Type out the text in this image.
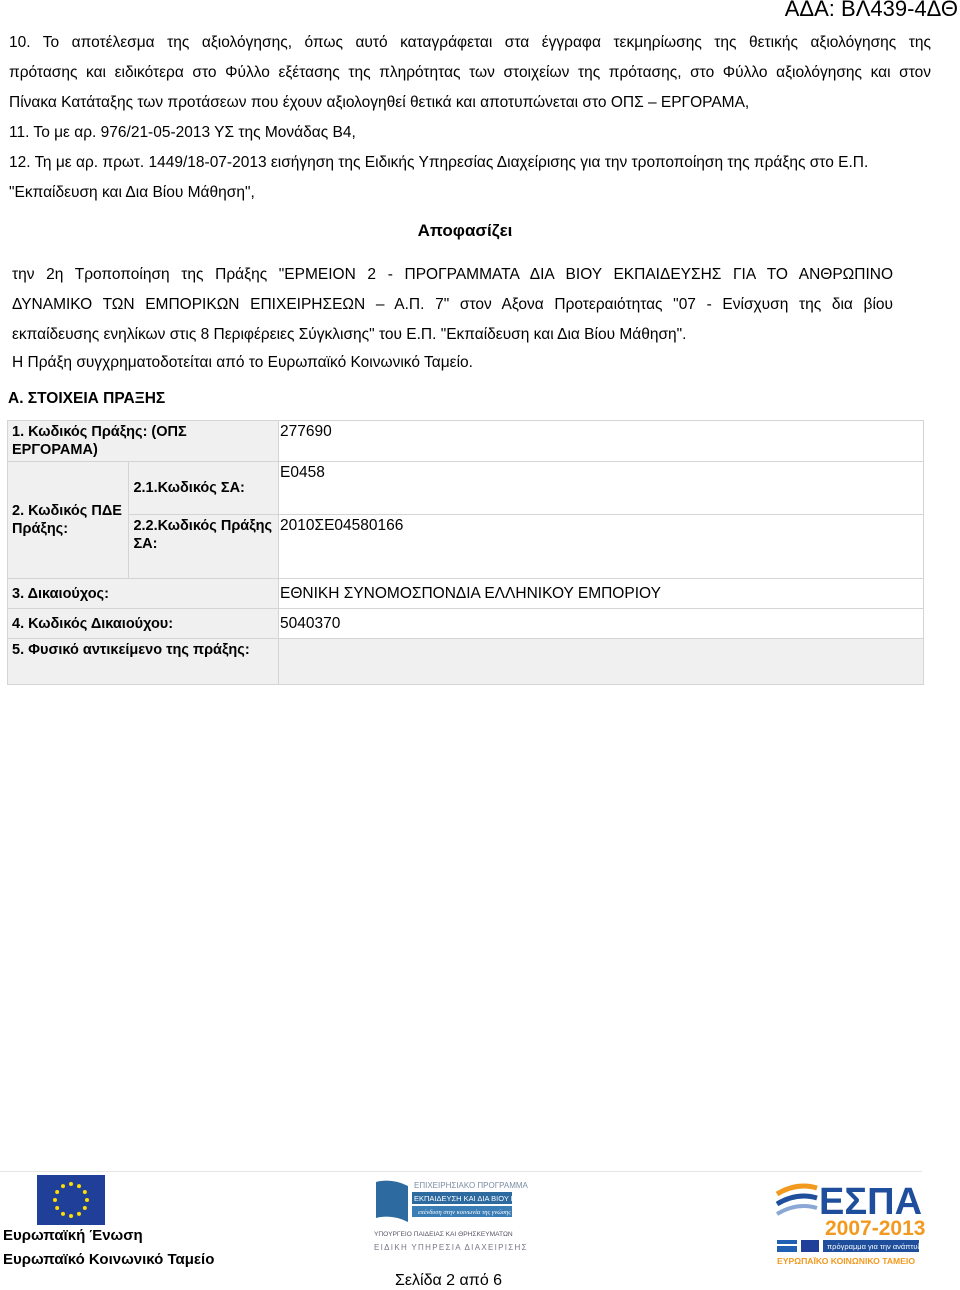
ΑΔΑ: ΒΛ439-4ΔΘ
10. Το αποτέλεσμα της αξιολόγησης, όπως αυτό καταγράφεται στα έγγραφα τεκμηρίωσης της θετικής αξιολόγησης της
πρότασης και ειδικότερα στο Φύλλο εξέτασης της πληρότητας των στοιχείων της πρότασης, στο Φύλλο αξιολόγησης και στον
Πίνακα Κατάταξης των προτάσεων που έχουν αξιολογηθεί θετικά και αποτυπώνεται στο ΟΠΣ – ΕΡΓΟΡΑΜΑ,
11. Το με αρ. 976/21-05-2013 ΥΣ της Μονάδας Β4,
12. Τη με αρ. πρωτ. 1449/18-07-2013 εισήγηση της Ειδικής Υπηρεσίας Διαχείρισης για την τροποποίηση της πράξης στο Ε.Π.
"Εκπαίδευση και Δια Βίου Μάθηση",
Αποφασίζει
την 2η Τροποποίηση της Πράξης "ΕΡΜΕΙΟΝ 2 - ΠΡΟΓΡΑΜΜΑΤΑ ΔΙΑ ΒΙΟΥ ΕΚΠΑΙΔΕΥΣΗΣ ΓΙΑ ΤΟ ΑΝΘΡΩΠΙΝΟ
ΔΥΝΑΜΙΚΟ ΤΩΝ ΕΜΠΟΡΙΚΩΝ ΕΠΙΧΕΙΡΗΣΕΩΝ – Α.Π. 7" στον Αξονα Προτεραιότητας "07 - Ενίσχυση της δια βίου
εκπαίδευσης ενηλίκων στις 8 Περιφέρειες Σύγκλισης" του Ε.Π. "Εκπαίδευση και Δια Βίου Μάθηση".
Η Πράξη συγχρηματοδοτείται από το Ευρωπαϊκό Κοινωνικό Ταμείο.
Α. ΣΤΟΙΧΕΙΑ ΠΡΑΞΗΣ
1. Κωδικός Πράξης: (ΟΠΣ ΕΡΓΟΡΑΜΑ)		277690
2. Κωδικός ΠΔΕ Πράξης:	2.1.Κωδικός ΣΑ:	Ε0458
	2.2.Κωδικός Πράξης ΣΑ:	2010ΣΕ04580166
3. Δικαιούχος:		ΕΘΝΙΚΗ ΣΥΝΟΜΟΣΠΟΝΔΙΑ ΕΛΛΗΝΙΚΟΥ ΕΜΠΟΡΙΟΥ
4. Κωδικός Δικαιούχου:		5040370
5. Φυσικό αντικείμενο της πράξης:		
Ευρωπαϊκή Ένωση
Ευρωπαϊκό Κοινωνικό Ταμείο
ΕΠΙΧΕΙΡΗΣΙΑΚΟ ΠΡΟΓΡΑΜΜΑ
ΕΚΠΑΙΔΕΥΣΗ ΚΑΙ ΔΙΑ ΒΙΟΥ ΜΑΘΗΣΗ
επένδυση στην κοινωνία της γνώσης
ΥΠΟΥΡΓΕΙΟ ΠΑΙΔΕΙΑΣ ΚΑΙ ΘΡΗΣΚΕΥΜΑΤΩΝ
ΕΙΔΙΚΗ ΥΠΗΡΕΣΙΑ ΔΙΑΧΕΙΡΙΣΗΣ
ΕΣΠΑ
2007-2013
πρόγραμμα για την ανάπτυξη
ΕΥΡΩΠΑΪΚΟ ΚΟΙΝΩΝΙΚΟ ΤΑΜΕΙΟ
Σελίδα 2 από 6
